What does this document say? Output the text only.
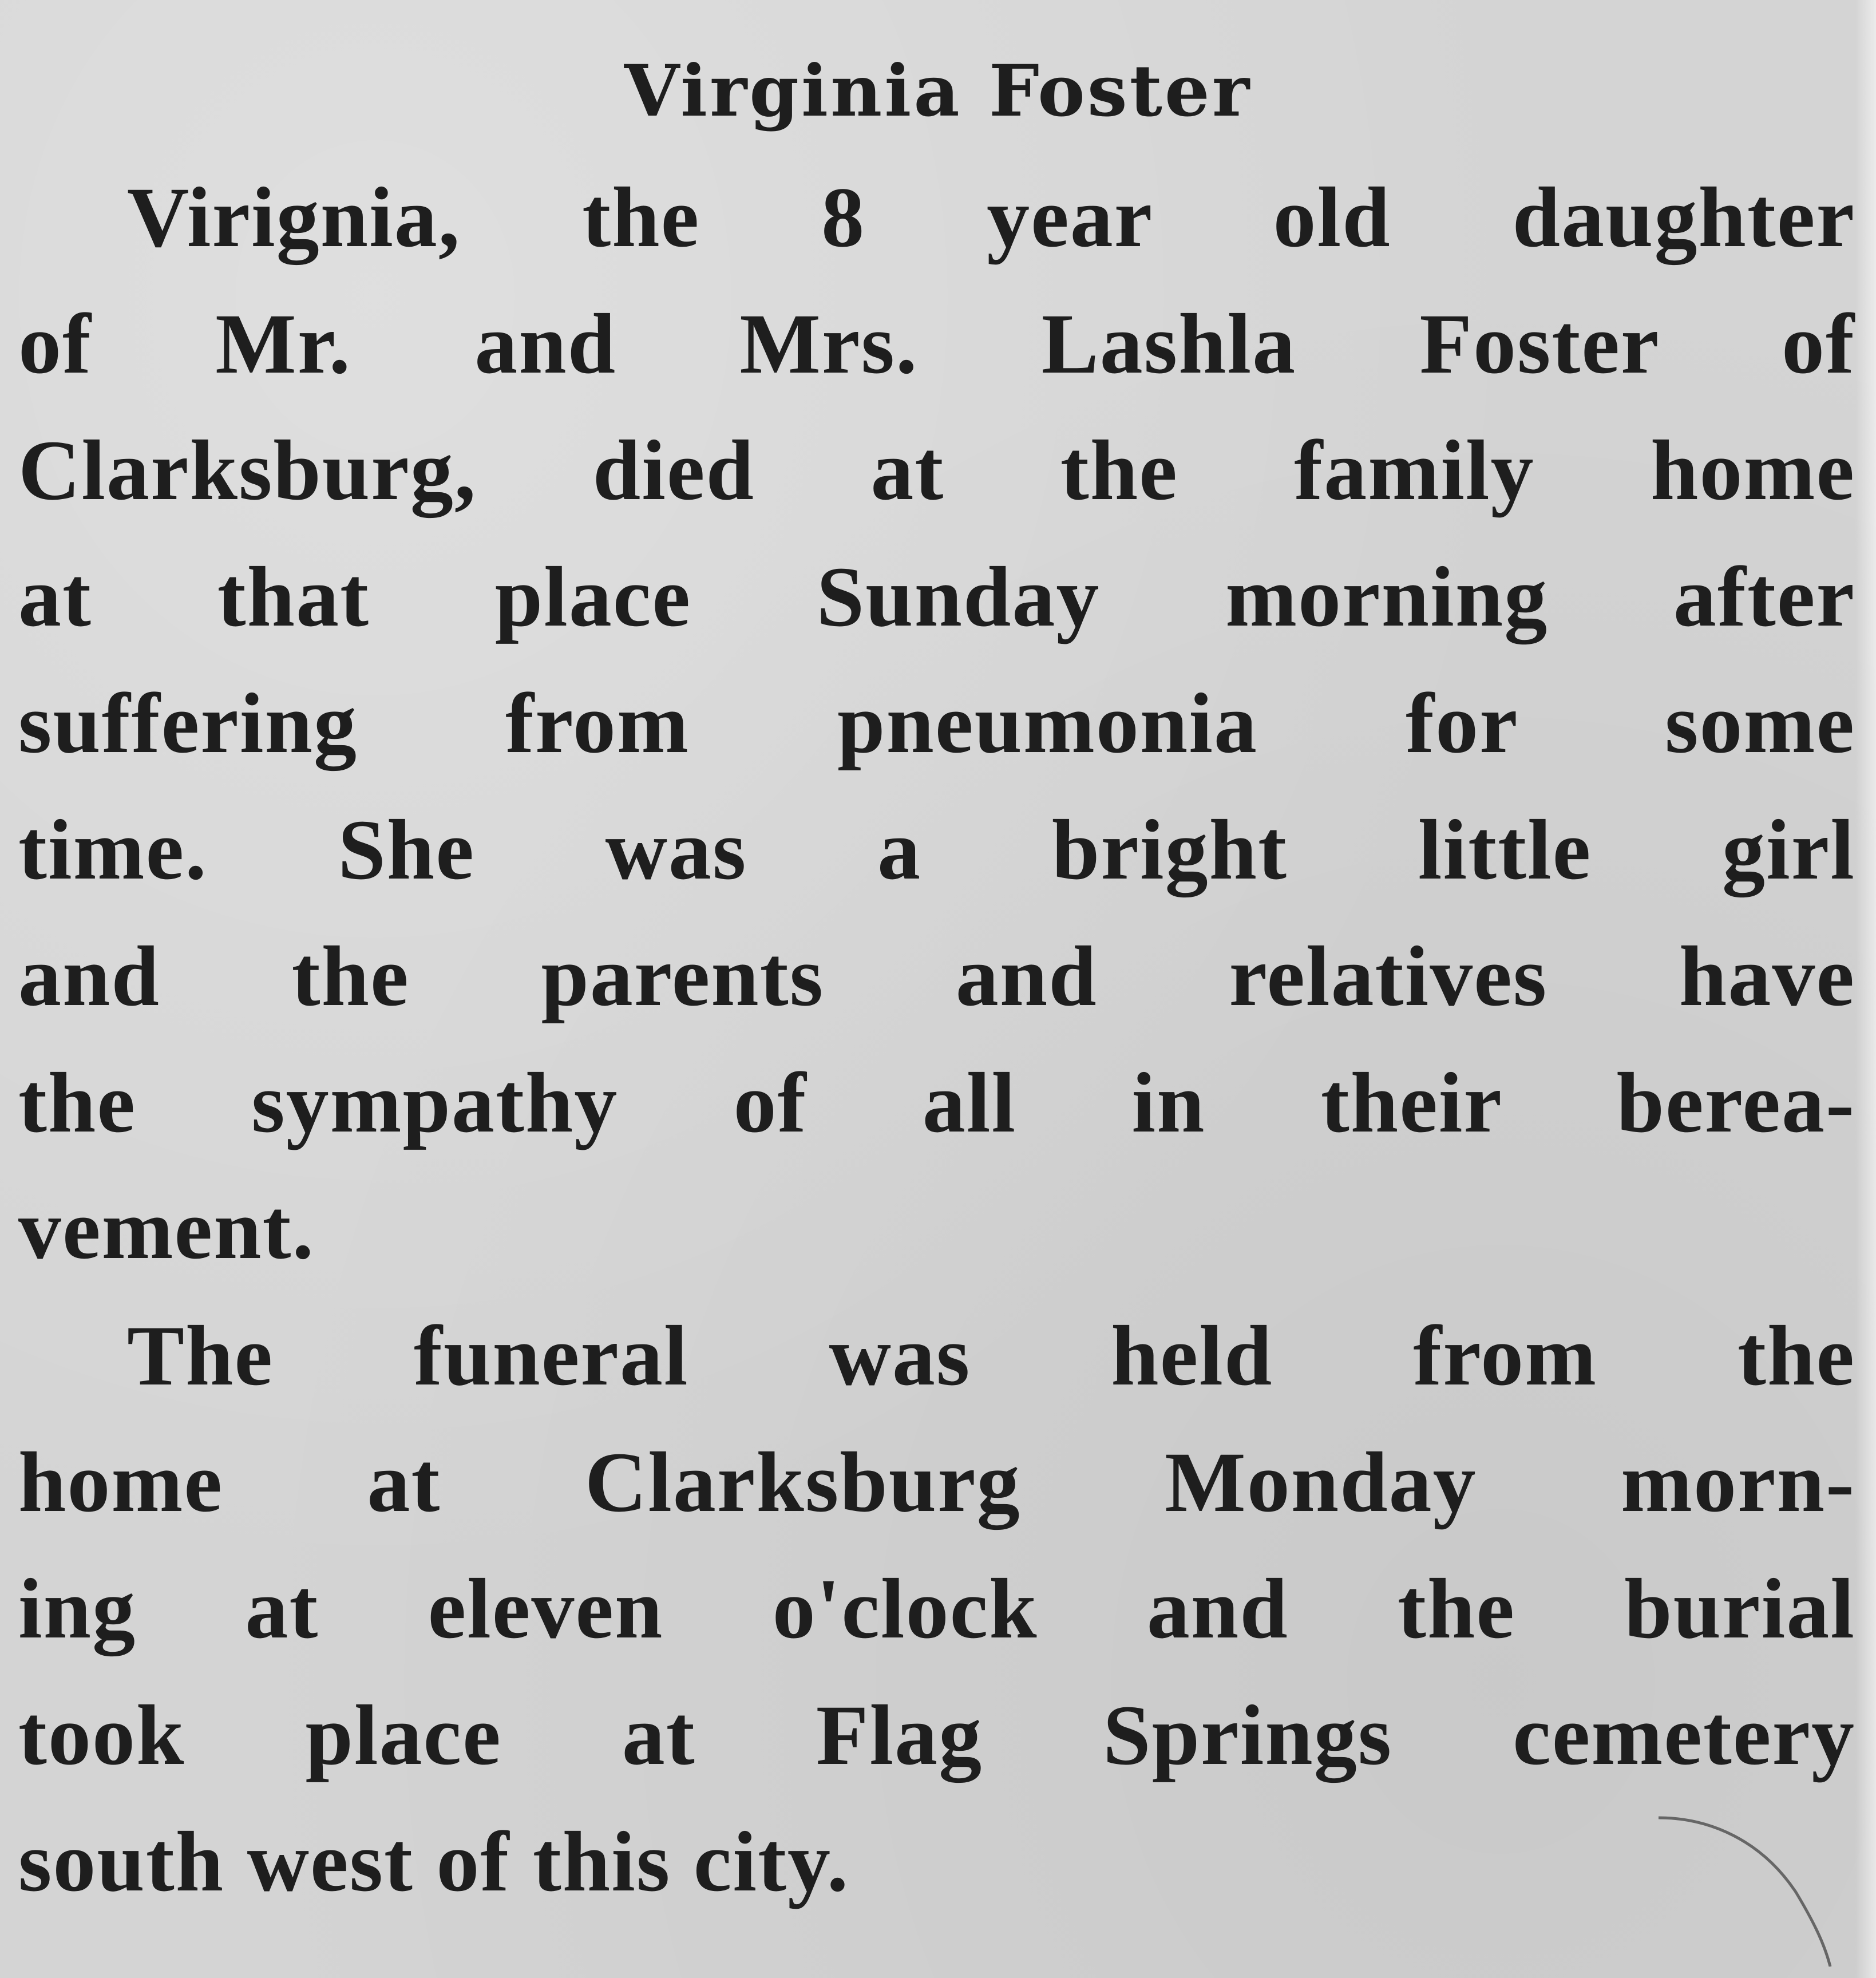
Virginia Foster
Virignia, the 8 year old daughter
of Mr. and Mrs. Lashla Foster of
Clarksburg, died at the family home
at that place Sunday morning after
suffering from pneumonia for some
time. She was a bright little girl
and the parents and relatives have
the sympathy of all in their berea-
vement.
The funeral was held from the
home at Clarksburg Monday morn-
ing at eleven o'clock and the burial
took place at Flag Springs cemetery
south west of this city.
